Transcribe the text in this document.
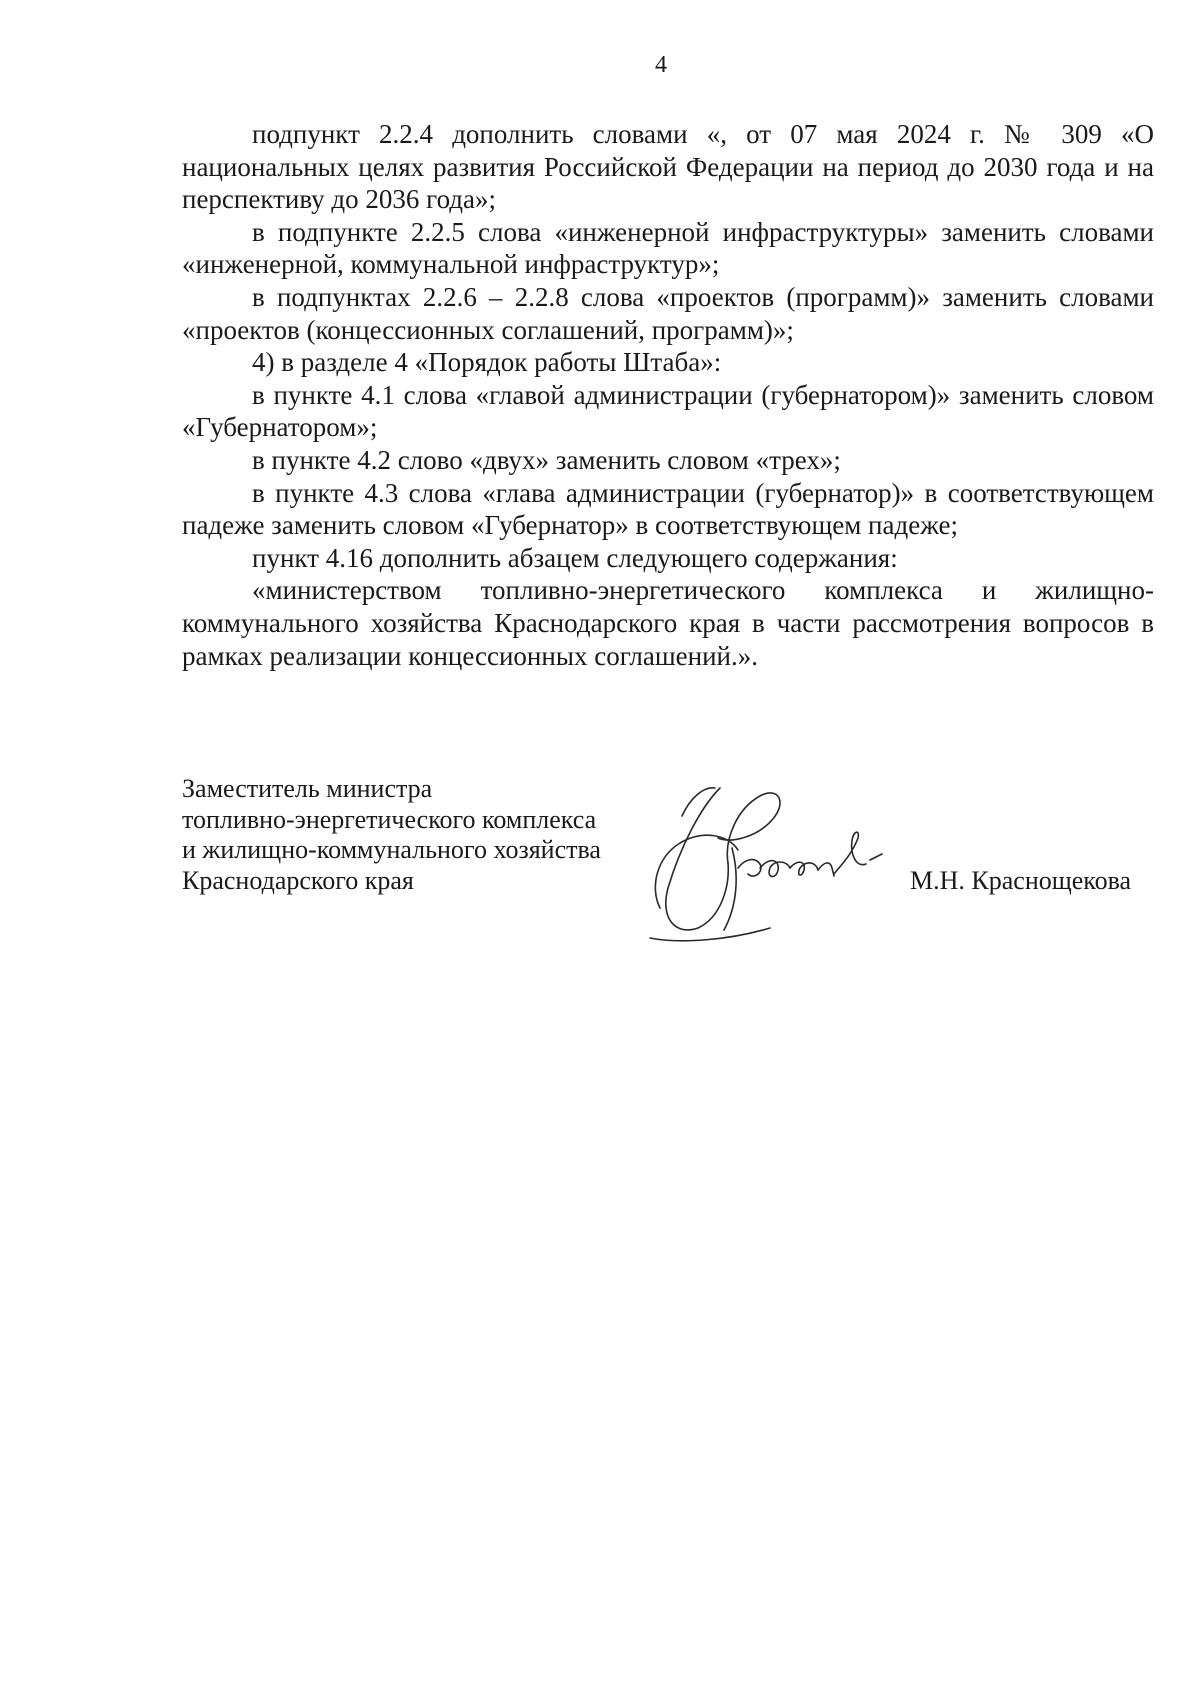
4

подпункт 2.2.4 дополнить словами «, от 07 мая 2024 г. № 309 «О национальных целях развития Российской Федерации на период до 2030 года и на перспективу до 2036 года»;

в подпункте 2.2.5 слова «инженерной инфраструктуры» заменить словами «инженерной, коммунальной инфраструктур»;

в подпунктах 2.2.6 – 2.2.8 слова «проектов (программ)» заменить словами «проектов (концессионных соглашений, программ)»;

4) в разделе 4 «Порядок работы Штаба»:

в пункте 4.1 слова «главой администрации (губернатором)» заменить словом «Губернатором»;

в пункте 4.2 слово «двух» заменить словом «трех»;

в пункте 4.3 слова «глава администрации (губернатор)» в соответствующем падеже заменить словом «Губернатор» в соответствующем падеже;

пункт 4.16 дополнить абзацем следующего содержания:

«министерством топливно-энергетического комплекса и жилищно-коммунального хозяйства Краснодарского края в части рассмотрения вопросов в рамках реализации концессионных соглашений.».

Заместитель министра
топливно-энергетического комплекса
и жилищно-коммунального хозяйства
Краснодарского края	М.Н. Краснощекова
